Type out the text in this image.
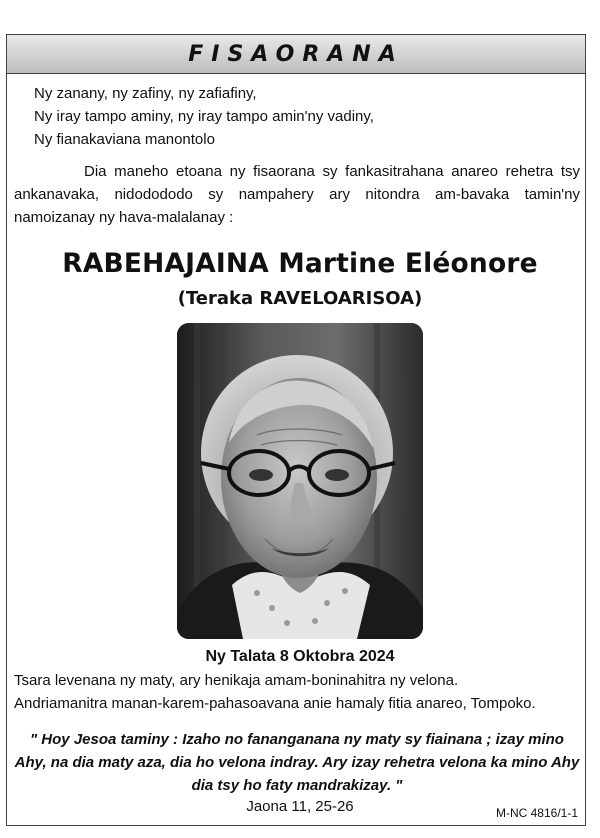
FISAORANA
Ny zanany, ny zafiny, ny zafiafiny,
Ny iray tampo aminy, ny iray tampo amin'ny vadiny,
Ny fianakaviana manontolo
Dia maneho etoana ny fisaorana sy fankasitrahana anareo rehetra tsy ankanavaka, nidodododo sy nampahery ary nitondra am-bavaka tamin'ny namoizanay ny hava-malalanay :
RABEHAJAINA Martine Eléonore
(Teraka RAVELOARISOA)
Ny Talata 8 Oktobra 2024
Tsara levenana ny maty, ary henikaja amam-boninahitra ny velona.
Andriamanitra manan-karem-pahasoavana anie hamaly fitia anareo, Tompoko.
" Hoy Jesoa taminy : Izaho no fananganana ny maty sy fiainana ; izay mino Ahy, na dia maty aza, dia ho velona indray. Ary izay rehetra velona ka mino Ahy dia tsy ho faty mandrakizay. "
Jaona 11, 25-26	M-NC 4816/1-1
